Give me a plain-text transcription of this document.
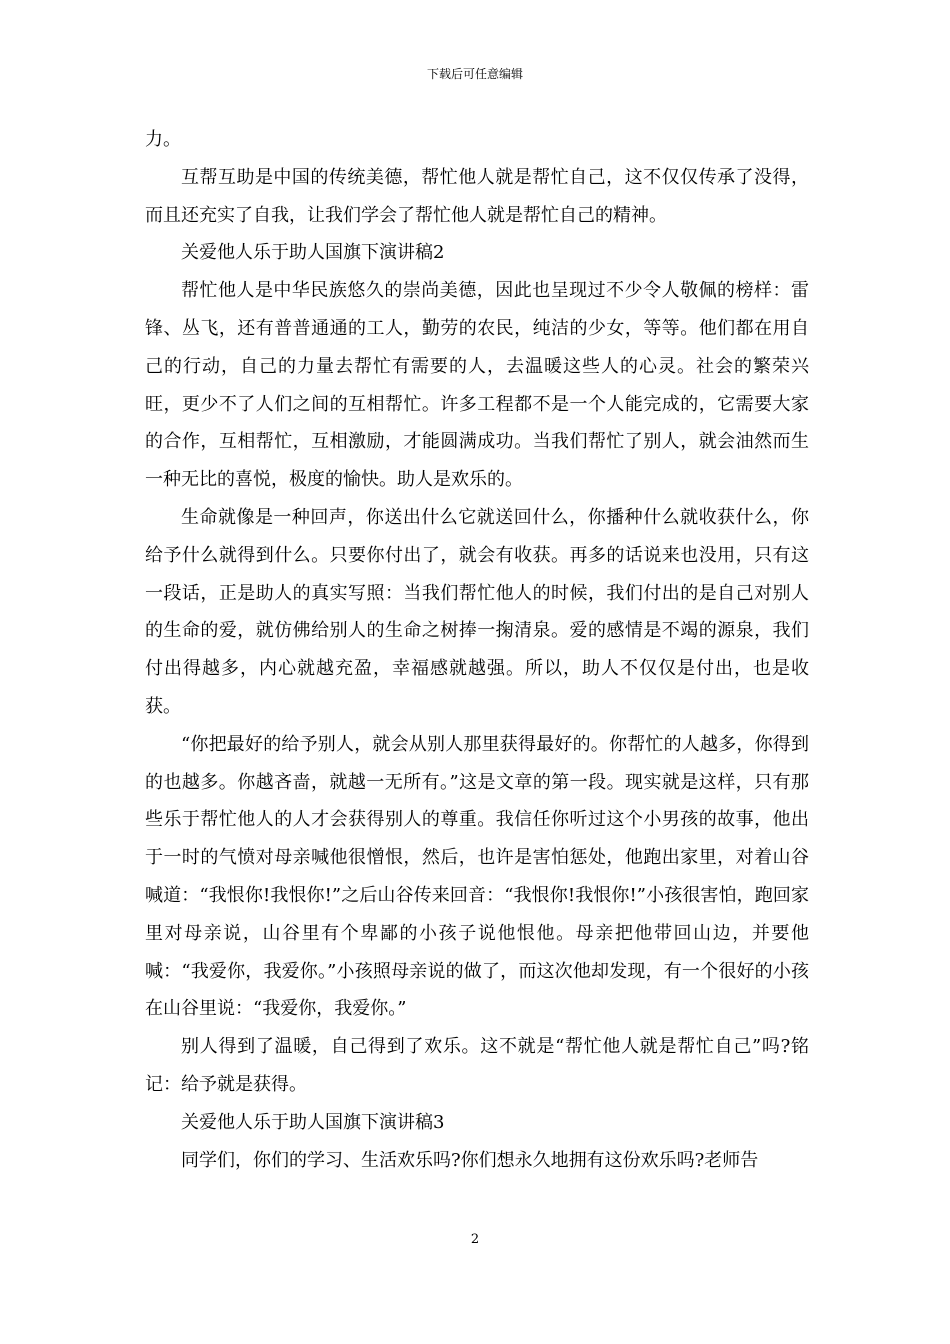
下载后可任意编辑

力。

互帮互助是中国的传统美德，帮忙他人就是帮忙自己，这不仅仅传承了没得，而且还充实了自我，让我们学会了帮忙他人就是帮忙自己的精神。

关爱他人乐于助人国旗下演讲稿2

帮忙他人是中华民族悠久的崇尚美德，因此也呈现过不少令人敬佩的榜样：雷锋、丛飞，还有普普通通的工人，勤劳的农民，纯洁的少女，等等。他们都在用自己的行动，自己的力量去帮忙有需要的人，去温暖这些人的心灵。社会的繁荣兴旺，更少不了人们之间的互相帮忙。许多工程都不是一个人能完成的，它需要大家的合作，互相帮忙，互相激励，才能圆满成功。当我们帮忙了别人，就会油然而生一种无比的喜悦，极度的愉快。助人是欢乐的。

生命就像是一种回声，你送出什么它就送回什么，你播种什么就收获什么，你给予什么就得到什么。只要你付出了，就会有收获。再多的话说来也没用，只有这一段话，正是助人的真实写照：当我们帮忙他人的时候，我们付出的是自己对别人的生命的爱，就仿佛给别人的生命之树捧一掬清泉。爱的感情是不竭的源泉，我们付出得越多，内心就越充盈，幸福感就越强。所以，助人不仅仅是付出，也是收获。

“你把最好的给予别人，就会从别人那里获得最好的。你帮忙的人越多，你得到的也越多。你越吝啬，就越一无所有。”这是文章的第一段。现实就是这样，只有那些乐于帮忙他人的人才会获得别人的尊重。我信任你听过这个小男孩的故事，他出于一时的气愤对母亲喊他很憎恨，然后，也许是害怕惩处，他跑出家里，对着山谷喊道：“我恨你!我恨你!”之后山谷传来回音：“我恨你!我恨你!”小孩很害怕，跑回家里对母亲说，山谷里有个卑鄙的小孩子说他恨他。母亲把他带回山边，并要他喊：“我爱你，我爱你。”小孩照母亲说的做了，而这次他却发现，有一个很好的小孩在山谷里说：“我爱你，我爱你。”

别人得到了温暖，自己得到了欢乐。这不就是“帮忙他人就是帮忙自己”吗?铭记：给予就是获得。

关爱他人乐于助人国旗下演讲稿3

同学们，你们的学习、生活欢乐吗?你们想永久地拥有这份欢乐吗?老师告

2
